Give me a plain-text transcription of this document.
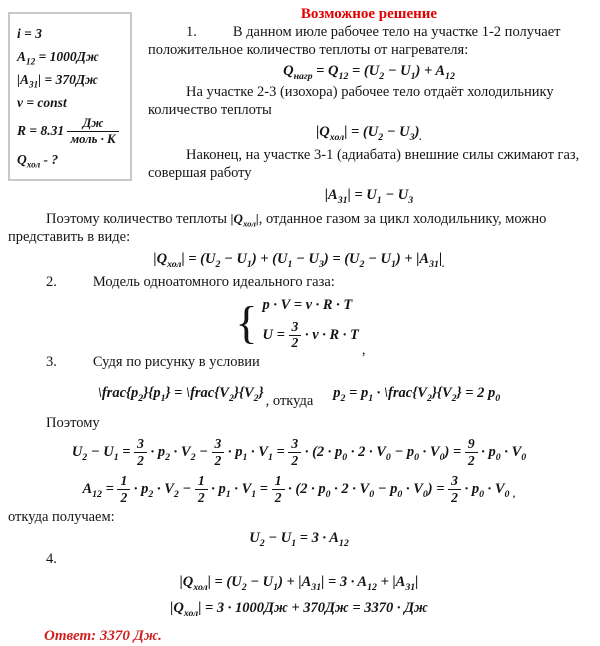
i = 3
$A_{12} = 1000Дж$
$|A_{31}| = 370Дж$
ν = const
$R = 8.31 \frac{Дж}{\text{моль · К}}$
$Q_{хол}$ - ?
Возможное решение

1. В данном июле рабочее тело на участке 1-2 получает положительное количество теплоты от нагревателя:

$Q_{нагр} = Q_{12} = (U_2 - U_1) + A_{12}$

На участке 2-3 (изохора) рабочее тело отдаёт холодильнику количество теплоты

$|Q_{хол}| = (U_2 - U_3)_.$

Наконец, на участке 3-1 (адиабата) внешние силы сжимают газ, совершая работу

$|A_{31}| = U_1 - U_3$

Поэтому количество теплоты $|Q_{хол}|$, отданное газом за цикл холодильнику, можно представить в виде:

$|Q_{хол}| = (U_2 - U_1) + (U_1 - U_3) = (U_2 - U_1) + |A_{31}|_.$

2. Модель одноатомного идеального газа:

{ p · V = ν · R · T
$U = \frac{3}{2} \cdot \nu \cdot R \cdot T$
,

3. Судя по рисунку в условии

$\backslash frac\{p_2\}\{p_1\}$ = $\backslash frac\{V_2\}\{V_2\}$ , откуда $p_2 = p_1$ · $\backslash frac\{V_2\}\{V_2\} = 2$ $p_0$

Поэтому

$U_2 - U_1 = \frac{3}{2} \cdot p_2 \cdot V_2 - \frac{3}{2} \cdot p_1 \cdot V_1 = \frac{3}{2} \cdot (2 \cdot p_0 \cdot 2 \cdot V_0 - p_0 \cdot V_0) = \frac{9}{2} \cdot p_0 \cdot V_0$
$A_{12} = \frac{1}{2} \cdot p_2 \cdot V_2 - \frac{1}{2} \cdot p_1 \cdot V_1 = \frac{1}{2} \cdot (2 \cdot p_0 \cdot 2 \cdot V_0 - p_0 \cdot V_0) = \frac{3}{2} \cdot p_0 \cdot V_0$ $_,$

откуда получаем:

$U_2 - U_1 = 3 \cdot A_{12}$

4.

$|Q_{хол}| = (U_2 - U_1) + |A_{31}| = 3 \cdot A_{12} + |A_{31}|$
$|Q_{хол}| = 3 \cdot 1000Дж + 370Дж = 3370$ · Дж

Ответ: 3370 Дж.
